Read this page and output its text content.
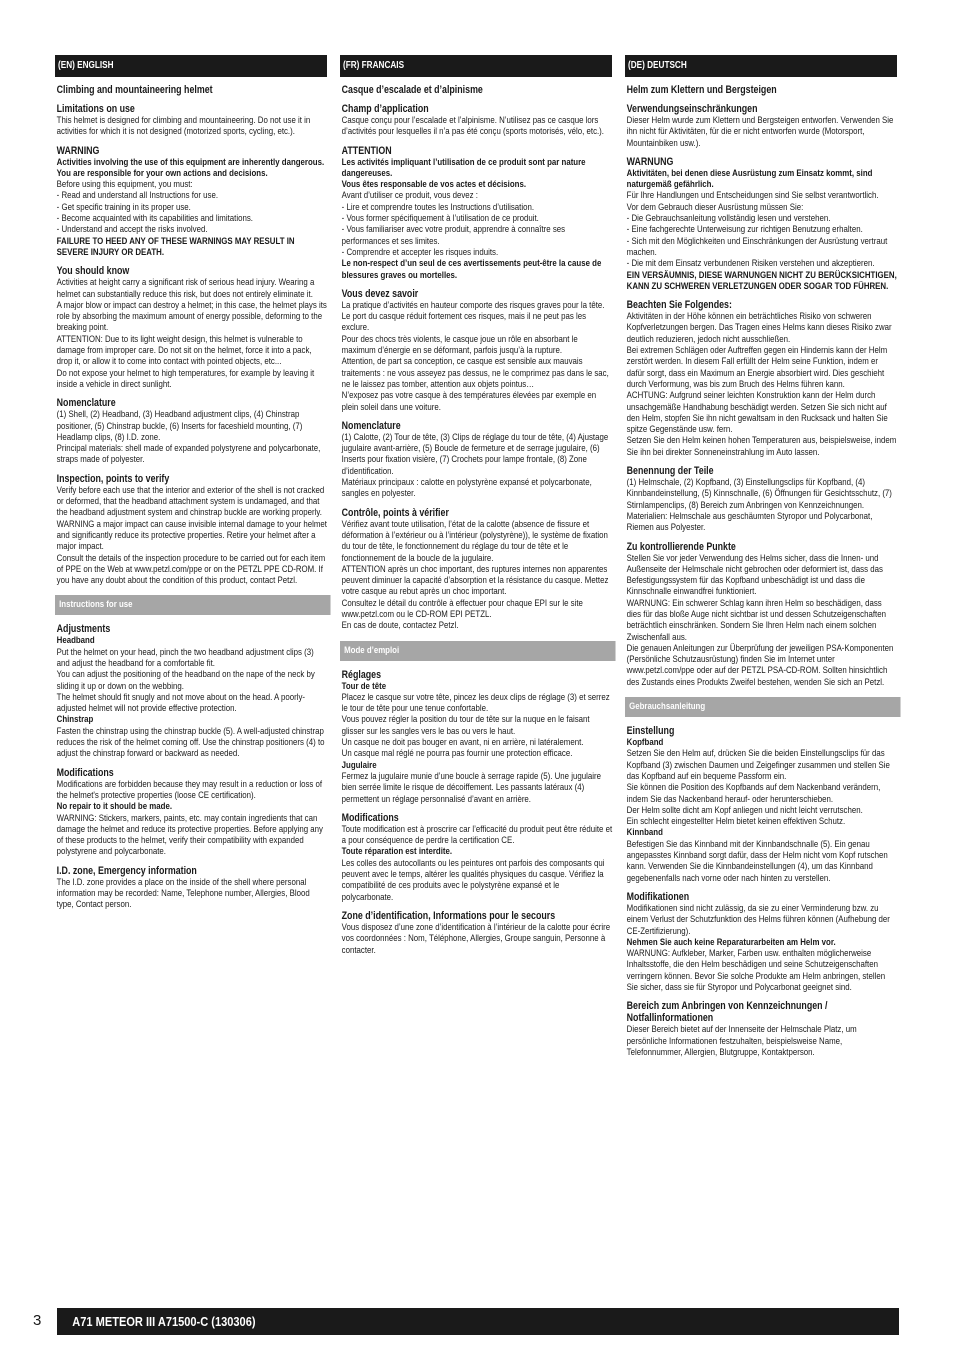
(EN) ENGLISH
Climbing and mountaineering helmet
Limitations on use
This helmet is designed for climbing and mountaineering. Do not use it in activities for which it is not designed (motorized sports, cycling, etc.).
WARNING
Activities involving the use of this equipment are inherently dangerous.
You are responsible for your own actions and decisions.
Before using this equipment, you must:
- Read and understand all Instructions for use.
- Get specific training in its proper use.
- Become acquainted with its capabilities and limitations.
- Understand and accept the risks involved.
FAILURE TO HEED ANY OF THESE WARNINGS MAY RESULT IN SEVERE INJURY OR DEATH.
You should know
Activities at height carry a significant risk of serious head injury. Wearing a helmet can substantially reduce this risk, but does not entirely eliminate it.
A major blow or impact can destroy a helmet; in this case, the helmet plays its role by absorbing the maximum amount of energy possible, deforming to the breaking point.
ATTENTION: Due to its light weight design, this helmet is vulnerable to damage from improper care. Do not sit on the helmet, force it into a pack, drop it, or allow it to come into contact with pointed objects, etc...
Do not expose your helmet to high temperatures, for example by leaving it inside a vehicle in direct sunlight.
Nomenclature
(1) Shell, (2) Headband, (3) Headband adjustment clips, (4) Chinstrap positioner, (5) Chinstrap buckle, (6) Inserts for faceshield mounting, (7) Headlamp clips, (8) I.D. zone.
Principal materials: shell made of expanded polystyrene and polycarbonate, straps made of polyester.
Inspection, points to verify
Verify before each use that the interior and exterior of the shell is not cracked or deformed, that the headband attachment system is undamaged, and that the headband adjustment system and chinstrap buckle are working properly.
WARNING a major impact can cause invisible internal damage to your helmet and significantly reduce its protective properties. Retire your helmet after a major impact.
Consult the details of the inspection procedure to be carried out for each item of PPE on the Web at www.petzl.com/ppe or on the PETZL PPE CD-ROM. If you have any doubt about the condition of this product, contact Petzl.
Instructions for use
Adjustments
Headband
Put the helmet on your head, pinch the two headband adjustment clips (3) and adjust the headband for a comfortable fit.
You can adjust the positioning of the headband on the nape of the neck by sliding it up or down on the webbing.
The helmet should fit snugly and not move about on the head. A poorly-adjusted helmet will not provide effective protection.
Chinstrap
Fasten the chinstrap using the chinstrap buckle (5). A well-adjusted chinstrap reduces the risk of the helmet coming off. Use the chinstrap positioners (4) to adjust the chinstrap forward or backward as needed.
Modifications
Modifications are forbidden because they may result in a reduction or loss of the helmet's protective properties (loose CE certification).
No repair to it should be made.
WARNING: Stickers, markers, paints, etc. may contain ingredients that can damage the helmet and reduce its protective properties. Before applying any of these products to the helmet, verify their compatibility with expanded polystyrene and polycarbonate.
I.D. zone, Emergency information
The I.D. zone provides a place on the inside of the shell where personal information may be recorded: Name, Telephone number, Allergies, Blood type, Contact person.
(FR) FRANCAIS
Casque d’escalade et d’alpinisme
Champ d’application
Casque conçu pour l’escalade et l’alpinisme. N’utilisez pas ce casque lors d’activités pour lesquelles il n’a pas été conçu (sports motorisés, vélo, etc.).
ATTENTION
Les activités impliquant l’utilisation de ce produit sont par nature dangereuses.
Vous êtes responsable de vos actes et décisions.
Avant d’utiliser ce produit, vous devez :
- Lire et comprendre toutes les Instructions d’utilisation.
- Vous former spécifiquement à l’utilisation de ce produit.
- Vous familiariser avec votre produit, apprendre à connaître ses performances et ses limites.
- Comprendre et accepter les risques induits.
Le non-respect d’un seul de ces avertissements peut-être la cause de blessures graves ou mortelles.
Vous devez savoir
La pratique d’activités en hauteur comporte des risques graves pour la tête. Le port du casque réduit fortement ces risques, mais il ne peut pas les exclure.
Pour des chocs très violents, le casque joue un rôle en absorbant le maximum d’énergie en se déformant, parfois jusqu’à la rupture.
Attention, de part sa conception, ce casque est sensible aux mauvais traitements : ne vous asseyez pas dessus, ne le comprimez pas dans le sac, ne le laissez pas tomber, attention aux objets pointus…
N’exposez pas votre casque à des températures élevées par exemple en plein soleil dans une voiture.
Nomenclature
(1) Calotte, (2) Tour de tête, (3) Clips de réglage du tour de tête, (4) Ajustage jugulaire avant-arrière, (5) Boucle de fermeture et de serrage jugulaire, (6) Inserts pour fixation visière, (7) Crochets pour lampe frontale, (8) Zone d’identification.
Matériaux principaux : calotte en polystyrène expansé et polycarbonate, sangles en polyester.
Contrôle, points à vérifier
Vérifiez avant toute utilisation, l’état de la calotte (absence de fissure et déformation à l’extérieur ou à l’intérieur (polystyrène)), le système de fixation du tour de tête, le fonctionnement du réglage du tour de tête et le fonctionnement de la boucle de la jugulaire.
ATTENTION après un choc important, des ruptures internes non apparentes peuvent diminuer la capacité d’absorption et la résistance du casque. Mettez votre casque au rebut après un choc important.
Consultez le détail du contrôle à effectuer pour chaque EPI sur le site www.petzl.com ou le CD-ROM EPI PETZL.
En cas de doute, contactez Petzl.
Mode d’emploi
Réglages
Tour de tête
Placez le casque sur votre tête, pincez les deux clips de réglage (3) et serrez le tour de tête pour une tenue confortable.
Vous pouvez régler la position du tour de tête sur la nuque en le faisant glisser sur les sangles vers le bas ou vers le haut.
Un casque ne doit pas bouger en avant, ni en arrière, ni latéralement.
Un casque mal réglé ne pourra pas fournir une protection efficace.
Jugulaire
Fermez la jugulaire munie d’une boucle à serrage rapide (5). Une jugulaire bien serrée limite le risque de décoiffement. Les passants latéraux (4) permettent un réglage personnalisé d’avant en arrière.
Modifications
Toute modification est à proscrire car l’efficacité du produit peut être réduite et
a pour conséquence de perdre la certification CE.
Toute réparation est interdite.
Les colles des autocollants ou les peintures ont parfois des composants qui peuvent avec le temps, altérer les qualités physiques du casque. Vérifiez la compatibilité de ces produits avec le polystyrène expansé et le polycarbonate.
Zone d’identification, Informations pour le secours
Vous disposez d’une zone d’identification à l’intérieur de la calotte pour écrire vos coordonnées : Nom, Téléphone, Allergies, Groupe sanguin, Personne à contacter.
(DE) DEUTSCH
Helm zum Klettern und Bergsteigen
Verwendungseinschränkungen
Dieser Helm wurde zum Klettern und Bergsteigen entworfen. Verwenden Sie ihn nicht für Aktivitäten, für die er nicht entworfen wurde (Motorsport, Mountainbiken usw.).
WARNUNG
Aktivitäten, bei denen diese Ausrüstung zum Einsatz kommt, sind naturgemäß gefährlich.
Für Ihre Handlungen und Entscheidungen sind Sie selbst verantwortlich.
Vor dem Gebrauch dieser Ausrüstung müssen Sie:
- Die Gebrauchsanleitung vollständig lesen und verstehen.
- Eine fachgerechte Unterweisung zur richtigen Benutzung erhalten.
- Sich mit den Möglichkeiten und Einschränkungen der Ausrüstung vertraut machen.
- Die mit dem Einsatz verbundenen Risiken verstehen und akzeptieren.
EIN VERSÄUMNIS, DIESE WARNUNGEN NICHT ZU BERÜCKSICHTIGEN, KANN ZU SCHWEREN VERLETZUNGEN ODER SOGAR TOD FÜHREN.
Beachten Sie Folgendes:
Aktivitäten in der Höhe können ein beträchtliches Risiko von schweren Kopfverletzungen bergen. Das Tragen eines Helms kann dieses Risiko zwar deutlich reduzieren, jedoch nicht ausschließen.
Bei extremen Schlägen oder Auftreffen gegen ein Hindernis kann der Helm zerstört werden. In diesem Fall erfüllt der Helm seine Funktion, indem er dafür sorgt, dass ein Maximum an Energie absorbiert wird. Dies geschieht durch Verformung, was bis zum Bruch des Helms führen kann.
ACHTUNG: Aufgrund seiner leichten Konstruktion kann der Helm durch unsachgemäße Handhabung beschädigt werden. Setzen Sie sich nicht auf den Helm, stopfen Sie ihn nicht gewaltsam in den Rucksack und halten Sie spitze Gegenstände usw. fern.
Setzen Sie den Helm keinen hohen Temperaturen aus, beispielsweise, indem Sie ihn bei direkter Sonneneinstrahlung im Auto lassen.
Benennung der Teile
(1) Helmschale, (2) Kopfband, (3) Einstellungsclips für Kopfband, (4) Kinnbandeinstellung, (5) Kinnschnalle, (6) Öffnungen für Gesichtsschutz, (7) Stirnlampenclips, (8) Bereich zum Anbringen von Kennzeichnungen.
Materialien: Helmschale aus geschäumten Styropor und Polycarbonat, Riemen aus Polyester.
Zu kontrollierende Punkte
Stellen Sie vor jeder Verwendung des Helms sicher, dass die Innen- und Außenseite der Helmschale nicht gebrochen oder deformiert ist, dass das Befestigungssystem für das Kopfband unbeschädigt ist und dass die Kinnschnalle einwandfrei funktioniert.
WARNUNG: Ein schwerer Schlag kann ihren Helm so beschädigen, dass dies für das bloße Auge nicht sichtbar ist und dessen Schutzeigenschaften beträchtlich einschränken. Sondern Sie Ihren Helm nach einem solchen Zwischenfall aus.
Die genauen Anleitungen zur Überprüfung der jeweiligen PSA-Komponenten (Persönliche Schutzausrüstung) finden Sie im Internet unter www.petzl.com/ppe oder auf der PETZL PSA-CD-ROM. Sollten hinsichtlich des Zustands eines Produkts Zweifel bestehen, wenden Sie sich an Petzl.
Gebrauchsanleitung
Einstellung
Kopfband
Setzen Sie den Helm auf, drücken Sie die beiden Einstellungsclips für das Kopfband (3) zwischen Daumen und Zeigefinger zusammen und stellen Sie das Kopfband auf ein bequeme Passform ein.
Sie können die Position des Kopfbands auf dem Nackenband verändern, indem Sie das Nackenband herauf- oder herunterschieben.
Der Helm sollte dicht am Kopf anliegen und nicht leicht verrutschen.
Ein schlecht eingestellter Helm bietet keinen effektiven Schutz.
Kinnband
Befestigen Sie das Kinnband mit der Kinnbandschnalle (5). Ein genau angepasstes Kinnband sorgt dafür, dass der Helm nicht vom Kopf rutschen kann. Verwenden Sie die Kinnbandeinstellungen (4), um das Kinnband gegebenenfalls nach vorne oder nach hinten zu verstellen.
Modifikationen
Modifikationen sind nicht zulässig, da sie zu einer Verminderung bzw. zu einem Verlust der Schutzfunktion des Helms führen können (Aufhebung der CE-Zertifizierung).
Nehmen Sie auch keine Reparaturarbeiten am Helm vor.
WARNUNG: Aufkleber, Marker, Farben usw. enthalten möglicherweise Inhaltsstoffe, die den Helm beschädigen und seine Schutzeigenschaften verringern können. Bevor Sie solche Produkte am Helm anbringen, stellen Sie sicher, dass sie für Styropor und Polycarbonat geeignet sind.
Bereich zum Anbringen von Kennzeichnungen / Notfallinformationen
Dieser Bereich bietet auf der Innenseite der Helmschale Platz, um persönliche Informationen festzuhalten, beispielsweise Name, Telefonnummer, Allergien, Blutgruppe, Kontaktperson.
3	A71 METEOR III A71500-C (130306)
